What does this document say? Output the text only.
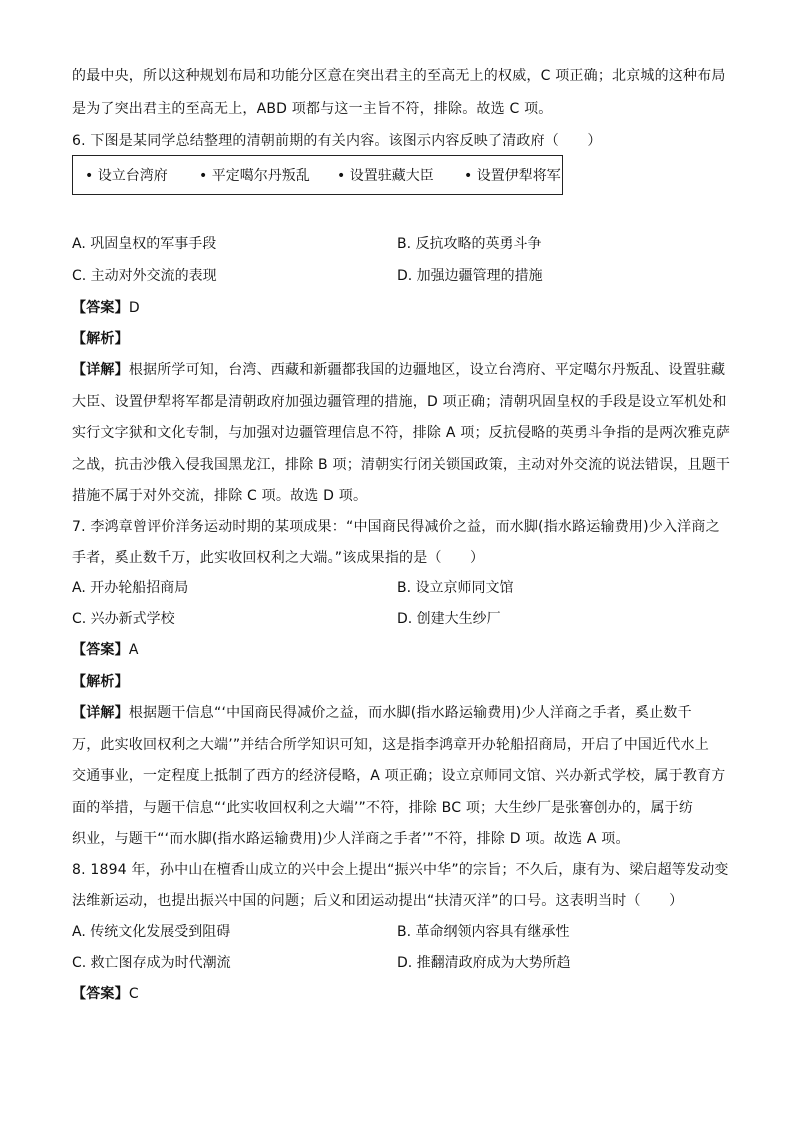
的最中央，所以这种规划布局和功能分区意在突出君主的至高无上的权威，C 项正确；北京城的这种布局
是为了突出君主的至高无上，ABD 项都与这一主旨不符，排除。故选 C 项。
6. 下图是某同学总结整理的清朝前期的有关内容。该图示内容反映了清政府（　　）
• 设立台湾府 • 平定噶尔丹叛乱 • 设置驻藏大臣 • 设置伊犁将军
A. 巩固皇权的军事手段	B. 反抗攻略的英勇斗争
C. 主动对外交流的表现	D. 加强边疆管理的措施
【答案】D
【解析】
【详解】根据所学可知，台湾、西藏和新疆都我国的边疆地区，设立台湾府、平定噶尔丹叛乱、设置驻藏
大臣、设置伊犁将军都是清朝政府加强边疆管理的措施，D 项正确；清朝巩固皇权的手段是设立军机处和
实行文字狱和文化专制，与加强对边疆管理信息不符，排除 A 项；反抗侵略的英勇斗争指的是两次雅克萨
之战，抗击沙俄入侵我国黑龙江，排除 B 项；清朝实行闭关锁国政策，主动对外交流的说法错误，且题干
措施不属于对外交流，排除 C 项。故选 D 项。
7. 李鸿章曾评价洋务运动时期的某项成果：“中国商民得减价之益，而水脚(指水路运输费用)少入洋商之
手者，奚止数千万，此实收回权利之大端。”该成果指的是（　　）
A. 开办轮船招商局	B. 设立京师同文馆
C. 兴办新式学校	D. 创建大生纱厂
【答案】A
【解析】
【详解】根据题干信息“‘中国商民得减价之益，而水脚(指水路运输费用)少人洋商之手者，奚止数千
万，此实收回权利之大端’”并结合所学知识可知，这是指李鸿章开办轮船招商局，开启了中国近代水上
交通事业，一定程度上抵制了西方的经济侵略，A 项正确；设立京师同文馆、兴办新式学校，属于教育方
面的举措，与题干信息“‘此实收回权利之大端’”不符，排除 BC 项；大生纱厂是张謇创办的，属于纺
织业，与题干“‘而水脚(指水路运输费用)少人洋商之手者’”不符，排除 D 项。故选 A 项。
8. 1894 年，孙中山在檀香山成立的兴中会上提出“振兴中华”的宗旨；不久后，康有为、梁启超等发动变
法维新运动，也提出振兴中国的问题；后义和团运动提出“扶清灭洋”的口号。这表明当时（　　）
A. 传统文化发展受到阻碍	B. 革命纲领内容具有继承性
C. 救亡图存成为时代潮流	D. 推翻清政府成为大势所趋
【答案】C
